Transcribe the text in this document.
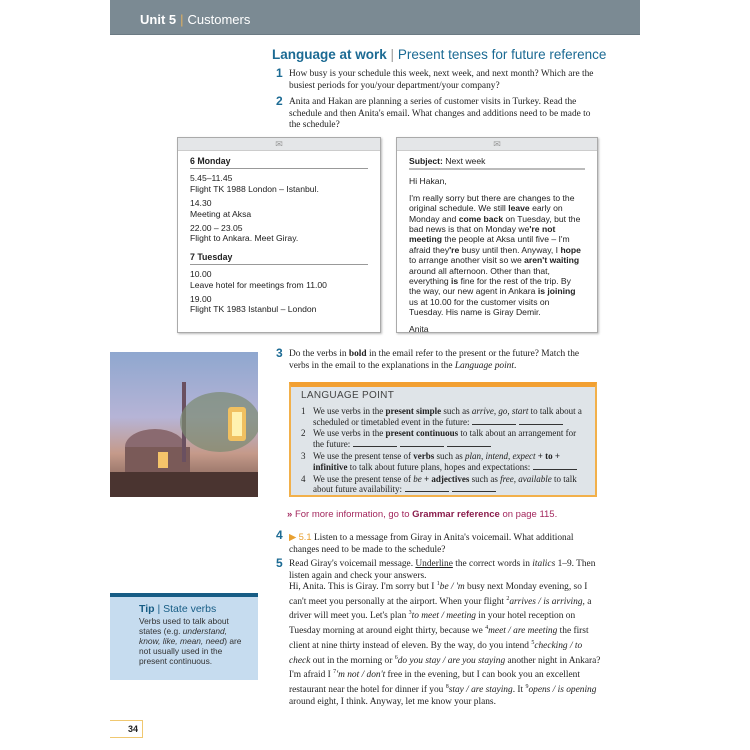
Unit 5 | Customers
Language at work | Present tenses for future reference
1 How busy is your schedule this week, next week, and next month? Which are the busiest periods for you/your department/your company?
2 Anita and Hakan are planning a series of customer visits in Turkey. Read the schedule and then Anita's email. What changes and additions need to be made to the schedule?
✉
6 Monday

5.45–11.45
Flight TK 1988 London – Istanbul.

14.30
Meeting at Aksa

22.00 – 23.05
Flight to Ankara. Meet Giray.

7 Tuesday

10.00
Leave hotel for meetings from 11.00

19.00
Flight TK 1983 Istanbul – London

✉
Subject: Next week

Hi Hakan,

I'm really sorry but there are changes to the original schedule. We still leave early on Monday and come back on Tuesday, but the bad news is that on Monday we're not meeting the people at Aksa until five – I'm afraid they're busy until then. Anyway, I hope to arrange another visit so we aren't waiting around all afternoon. Other than that, everything is fine for the rest of the trip. By the way, our new agent in Ankara is joining us at 10.00 for the customer visits on Tuesday. His name is Giray Demir.

Anita

3 Do the verbs in bold in the email refer to the present or the future? Match the verbs in the email to the explanations in the Language point.
LANGUAGE POINT
1 We use verbs in the present simple such as arrive, go, start to talk about a scheduled or timetabled event in the future:
2 We use verbs in the present continuous to talk about an arrangement for the future:
3 We use the present tense of verbs such as plan, intend, expect + to + infinitive to talk about future plans, hopes and expectations:
4 We use the present tense of be + adjectives such as free, available to talk about future availability:
» For more information, go to Grammar reference on page 115.
4 ▶ 5.1 Listen to a message from Giray in Anita's voicemail. What additional changes need to be made to the schedule?
5 Read Giray's voicemail message. Underline the correct words in italics 1–9. Then listen again and check your answers.
Hi, Anita. This is Giray. I'm sorry but I $^1$be / 'm busy next Monday evening, so I can't meet you personally at the airport. When your flight $^2$arrives / is arriving, a driver will meet you. Let's plan $^3$to meet / meeting in your hotel reception on Tuesday morning at around eight thirty, because we $^4$meet / are meeting the first client at nine thirty instead of eleven. By the way, do you intend $^5$checking / to check out in the morning or $^6$do you stay / are you staying another night in Ankara? I'm afraid I $^7$'m not / don't free in the evening, but I can book you an excellent restaurant near the hotel for dinner if you $^8$stay / are staying. It $^9$opens / is opening around eight, I think. Anyway, let me know your plans.
Tip | State verbs
Verbs used to talk about states (e.g. understand, know, like, mean, need) are not usually used in the present continuous.
34
